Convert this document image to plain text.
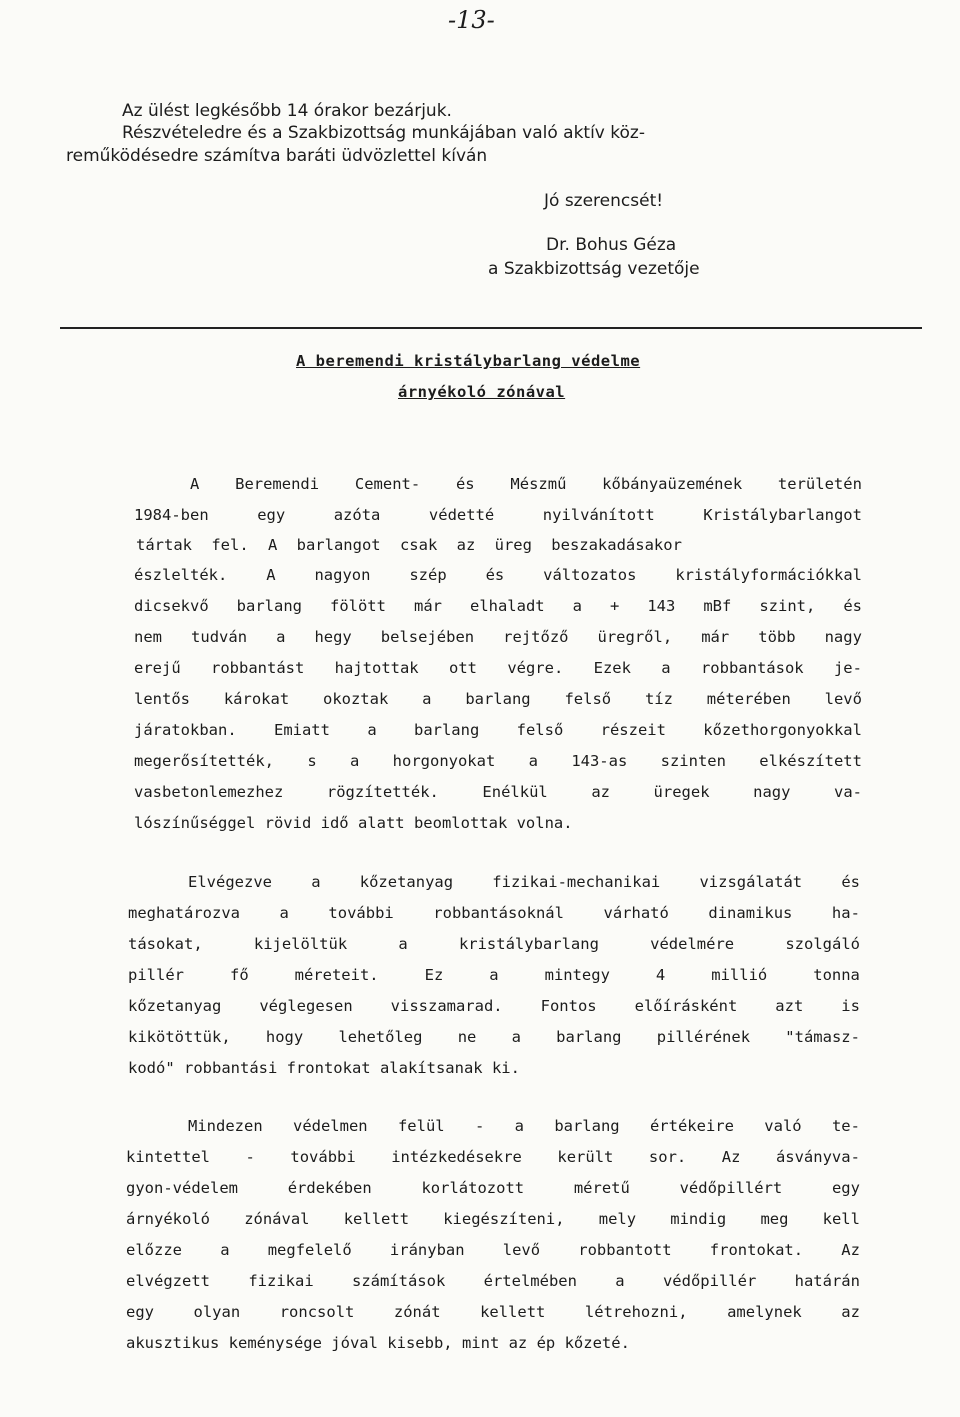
-13-
Az ülést legkésőbb 14 órakor bezárjuk.
Részvételedre és a Szakbizottság munkájában való aktív köz-
reműködésedre számítva baráti üdvözlettel kíván
Jó szerencsét!
Dr. Bohus Géza
a Szakbizottság vezetője
A beremendi kristálybarlang védelme
árnyékoló zónával
A Beremendi Cement- és Mészmű kőbányaüzemének területén
1984-ben	egy	azóta	védetté	nyilvánított	Kristálybarlangot
tártak fel. A barlangot csak az üreg beszakadásakor
észlelték.	A	nagyon	szép	és	változatos	kristályformációkkal
dicsekvő barlang fölött már elhaladt a + 143 mBf szint, és
nem tudván a hegy belsejében rejtőző üregről, már több nagy
erejű robbantást hajtottak ott végre. Ezek a robbantások je-
lentős károkat okoztak a barlang felső tíz méterében levő
járatokban. Emiatt a barlang felső részeit kőzethorgonyokkal
megerősítették, s a horgonyokat a 143-as szinten elkészített
vasbetonlemezhez	rögzítették.	Enélkül	az	üregek	nagy	va-
lószínűséggel rövid idő alatt beomlottak volna.
Elvégezve	a	kőzetanyag	fizikai-mechanikai	vizsgálatát	és
meghatározva	a	további	robbantásoknál	várható	dinamikus	ha-
tásokat,	kijelöltük	a	kristálybarlang	védelmére	szolgáló
pillér	fő	méreteit.	Ez	a	mintegy	4	millió	tonna
kőzetanyag véglegesen visszamarad. Fontos előírásként azt is
kikötöttük, hogy lehetőleg ne a barlang pillérének "támasz-
kodó" robbantási frontokat alakítsanak ki.
Mindezen védelmen felül - a barlang értékeire való te-
kintettel - további intézkedésekre került sor. Az ásványva-
gyon-védelem	érdekében	korlátozott	méretű	védőpillért	egy
árnyékoló zónával kellett kiegészíteni, mely mindig meg kell
előzze a megfelelő irányban levő robbantott frontokat. Az
elvégzett fizikai számítások értelmében a védőpillér határán
egy	olyan	roncsolt	zónát	kellett	létrehozni,	amelynek	az
akusztikus keménysége jóval kisebb, mint az ép kőzeté.
